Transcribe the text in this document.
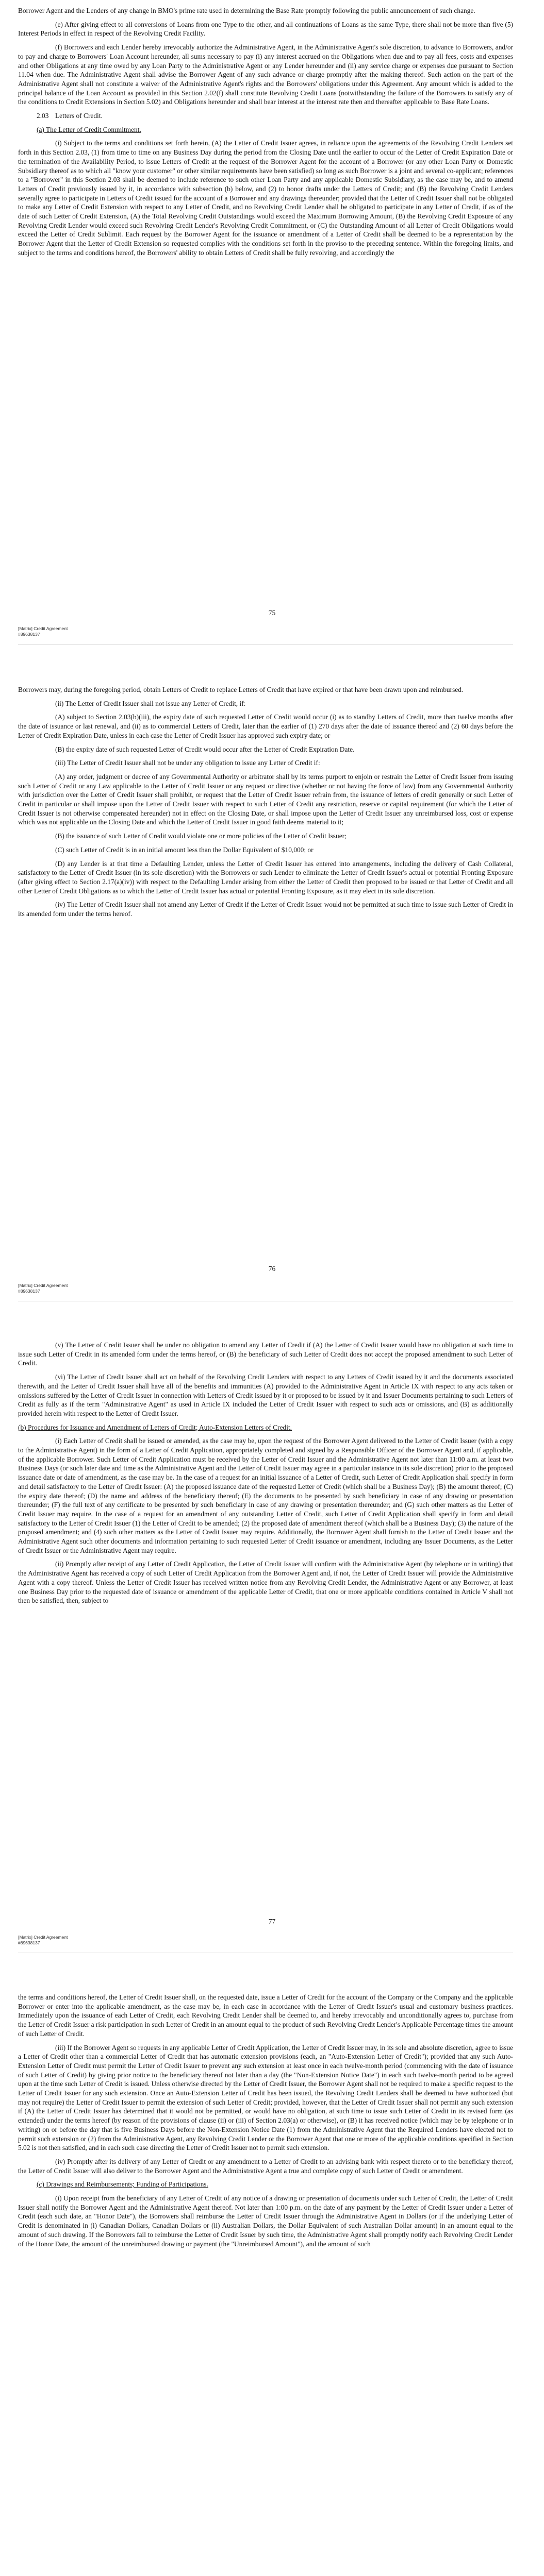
Borrower Agent and the Lenders of any change in BMO's prime rate used in determining the Base Rate promptly following the public announcement of such change.

(e) After giving effect to all conversions of Loans from one Type to the other, and all continuations of Loans as the same Type, there shall not be more than five (5) Interest Periods in effect in respect of the Revolving Credit Facility.

(f) Borrowers and each Lender hereby irrevocably authorize the Administrative Agent, in the Administrative Agent's sole discretion, to advance to Borrowers, and/or to pay and charge to Borrowers' Loan Account hereunder, all sums necessary to pay (i) any interest accrued on the Obligations when due and to pay all fees, costs and expenses and other Obligations at any time owed by any Loan Party to the Administrative Agent or any Lender hereunder and (ii) any service charge or expenses due pursuant to Section 11.04 when due. The Administrative Agent shall advise the Borrower Agent of any such advance or charge promptly after the making thereof. Such action on the part of the Administrative Agent shall not constitute a waiver of the Administrative Agent's rights and the Borrowers' obligations under this Agreement. Any amount which is added to the principal balance of the Loan Account as provided in this Section 2.02(f) shall constitute Revolving Credit Loans (notwithstanding the failure of the Borrowers to satisfy any of the conditions to Credit Extensions in Section 5.02) and Obligations hereunder and shall bear interest at the interest rate then and thereafter applicable to Base Rate Loans.

2.03 Letters of Credit.

(a) The Letter of Credit Commitment.

(i) Subject to the terms and conditions set forth herein, (A) the Letter of Credit Issuer agrees, in reliance upon the agreements of the Revolving Credit Lenders set forth in this Section 2.03, (1) from time to time on any Business Day during the period from the Closing Date until the earlier to occur of the Letter of Credit Expiration Date or the termination of the Availability Period, to issue Letters of Credit at the request of the Borrower Agent for the account of a Borrower (or any other Loan Party or Domestic Subsidiary thereof as to which all "know your customer" or other similar requirements have been satisfied) so long as such Borrower is a joint and several co-applicant; references to a "Borrower" in this Section 2.03 shall be deemed to include reference to such other Loan Party and any applicable Domestic Subsidiary, as the case may be, and to amend Letters of Credit previously issued by it, in accordance with subsection (b) below, and (2) to honor drafts under the Letters of Credit; and (B) the Revolving Credit Lenders severally agree to participate in Letters of Credit issued for the account of a Borrower and any drawings thereunder; provided that the Letter of Credit Issuer shall not be obligated to make any Letter of Credit Extension with respect to any Letter of Credit, and no Revolving Credit Lender shall be obligated to participate in any Letter of Credit, if as of the date of such Letter of Credit Extension, (A) the Total Revolving Credit Outstandings would exceed the Maximum Borrowing Amount, (B) the Revolving Credit Exposure of any Revolving Credit Lender would exceed such Revolving Credit Lender's Revolving Credit Commitment, or (C) the Outstanding Amount of all Letter of Credit Obligations would exceed the Letter of Credit Sublimit. Each request by the Borrower Agent for the issuance or amendment of a Letter of Credit shall be deemed to be a representation by the Borrower Agent that the Letter of Credit Extension so requested complies with the conditions set forth in the proviso to the preceding sentence. Within the foregoing limits, and subject to the terms and conditions hereof, the Borrowers' ability to obtain Letters of Credit shall be fully revolving, and accordingly the

75
[Matrix] Credit Agreement
#89638137

Borrowers may, during the foregoing period, obtain Letters of Credit to replace Letters of Credit that have expired or that have been drawn upon and reimbursed.

(ii) The Letter of Credit Issuer shall not issue any Letter of Credit, if:

(A) subject to Section 2.03(b)(iii), the expiry date of such requested Letter of Credit would occur (i) as to standby Letters of Credit, more than twelve months after the date of issuance or last renewal, and (ii) as to commercial Letters of Credit, later than the earlier of (1) 270 days after the date of issuance thereof and (2) 60 days before the Letter of Credit Expiration Date, unless in each case the Letter of Credit Issuer has approved such expiry date; or

(B) the expiry date of such requested Letter of Credit would occur after the Letter of Credit Expiration Date.

(iii) The Letter of Credit Issuer shall not be under any obligation to issue any Letter of Credit if:

(A) any order, judgment or decree of any Governmental Authority or arbitrator shall by its terms purport to enjoin or restrain the Letter of Credit Issuer from issuing such Letter of Credit or any Law applicable to the Letter of Credit Issuer or any request or directive (whether or not having the force of law) from any Governmental Authority with jurisdiction over the Letter of Credit Issuer shall prohibit, or request that the Letter of Credit Issuer refrain from, the issuance of letters of credit generally or such Letter of Credit in particular or shall impose upon the Letter of Credit Issuer with respect to such Letter of Credit any restriction, reserve or capital requirement (for which the Letter of Credit Issuer is not otherwise compensated hereunder) not in effect on the Closing Date, or shall impose upon the Letter of Credit Issuer any unreimbursed loss, cost or expense which was not applicable on the Closing Date and which the Letter of Credit Issuer in good faith deems material to it;

(B) the issuance of such Letter of Credit would violate one or more policies of the Letter of Credit Issuer;

(C) such Letter of Credit is in an initial amount less than the Dollar Equivalent of $10,000; or

(D) any Lender is at that time a Defaulting Lender, unless the Letter of Credit Issuer has entered into arrangements, including the delivery of Cash Collateral, satisfactory to the Letter of Credit Issuer (in its sole discretion) with the Borrowers or such Lender to eliminate the Letter of Credit Issuer's actual or potential Fronting Exposure (after giving effect to Section 2.17(a)(iv)) with respect to the Defaulting Lender arising from either the Letter of Credit then proposed to be issued or that Letter of Credit and all other Letter of Credit Obligations as to which the Letter of Credit Issuer has actual or potential Fronting Exposure, as it may elect in its sole discretion.

(iv) The Letter of Credit Issuer shall not amend any Letter of Credit if the Letter of Credit Issuer would not be permitted at such time to issue such Letter of Credit in its amended form under the terms hereof.

76
[Matrix] Credit Agreement
#89638137

(v) The Letter of Credit Issuer shall be under no obligation to amend any Letter of Credit if (A) the Letter of Credit Issuer would have no obligation at such time to issue such Letter of Credit in its amended form under the terms hereof, or (B) the beneficiary of such Letter of Credit does not accept the proposed amendment to such Letter of Credit.

(vi) The Letter of Credit Issuer shall act on behalf of the Revolving Credit Lenders with respect to any Letters of Credit issued by it and the documents associated therewith, and the Letter of Credit Issuer shall have all of the benefits and immunities (A) provided to the Administrative Agent in Article IX with respect to any acts taken or omissions suffered by the Letter of Credit Issuer in connection with Letters of Credit issued by it or proposed to be issued by it and Issuer Documents pertaining to such Letters of Credit as fully as if the term "Administrative Agent" as used in Article IX included the Letter of Credit Issuer with respect to such acts or omissions, and (B) as additionally provided herein with respect to the Letter of Credit Issuer.

(b) Procedures for Issuance and Amendment of Letters of Credit; Auto-Extension Letters of Credit.

(i) Each Letter of Credit shall be issued or amended, as the case may be, upon the request of the Borrower Agent delivered to the Letter of Credit Issuer (with a copy to the Administrative Agent) in the form of a Letter of Credit Application, appropriately completed and signed by a Responsible Officer of the Borrower Agent and, if applicable, of the applicable Borrower. Such Letter of Credit Application must be received by the Letter of Credit Issuer and the Administrative Agent not later than 11:00 a.m. at least two Business Days (or such later date and time as the Administrative Agent and the Letter of Credit Issuer may agree in a particular instance in its sole discretion) prior to the proposed issuance date or date of amendment, as the case may be. In the case of a request for an initial issuance of a Letter of Credit, such Letter of Credit Application shall specify in form and detail satisfactory to the Letter of Credit Issuer: (A) the proposed issuance date of the requested Letter of Credit (which shall be a Business Day); (B) the amount thereof; (C) the expiry date thereof; (D) the name and address of the beneficiary thereof; (E) the documents to be presented by such beneficiary in case of any drawing or presentation thereunder; (F) the full text of any certificate to be presented by such beneficiary in case of any drawing or presentation thereunder; and (G) such other matters as the Letter of Credit Issuer may require. In the case of a request for an amendment of any outstanding Letter of Credit, such Letter of Credit Application shall specify in form and detail satisfactory to the Letter of Credit Issuer (1) the Letter of Credit to be amended; (2) the proposed date of amendment thereof (which shall be a Business Day); (3) the nature of the proposed amendment; and (4) such other matters as the Letter of Credit Issuer may require. Additionally, the Borrower Agent shall furnish to the Letter of Credit Issuer and the Administrative Agent such other documents and information pertaining to such requested Letter of Credit issuance or amendment, including any Issuer Documents, as the Letter of Credit Issuer or the Administrative Agent may require.

(ii) Promptly after receipt of any Letter of Credit Application, the Letter of Credit Issuer will confirm with the Administrative Agent (by telephone or in writing) that the Administrative Agent has received a copy of such Letter of Credit Application from the Borrower Agent and, if not, the Letter of Credit Issuer will provide the Administrative Agent with a copy thereof. Unless the Letter of Credit Issuer has received written notice from any Revolving Credit Lender, the Administrative Agent or any Borrower, at least one Business Day prior to the requested date of issuance or amendment of the applicable Letter of Credit, that one or more applicable conditions contained in Article V shall not then be satisfied, then, subject to

77
[Matrix] Credit Agreement
#89638137

the terms and conditions hereof, the Letter of Credit Issuer shall, on the requested date, issue a Letter of Credit for the account of the Company or the Company and the applicable Borrower or enter into the applicable amendment, as the case may be, in each case in accordance with the Letter of Credit Issuer's usual and customary business practices. Immediately upon the issuance of each Letter of Credit, each Revolving Credit Lender shall be deemed to, and hereby irrevocably and unconditionally agrees to, purchase from the Letter of Credit Issuer a risk participation in such Letter of Credit in an amount equal to the product of such Revolving Credit Lender's Applicable Percentage times the amount of such Letter of Credit.

(iii) If the Borrower Agent so requests in any applicable Letter of Credit Application, the Letter of Credit Issuer may, in its sole and absolute discretion, agree to issue a Letter of Credit other than a commercial Letter of Credit that has automatic extension provisions (each, an "Auto-Extension Letter of Credit"); provided that any such Auto-Extension Letter of Credit must permit the Letter of Credit Issuer to prevent any such extension at least once in each twelve-month period (commencing with the date of issuance of such Letter of Credit) by giving prior notice to the beneficiary thereof not later than a day (the "Non-Extension Notice Date") in each such twelve-month period to be agreed upon at the time such Letter of Credit is issued. Unless otherwise directed by the Letter of Credit Issuer, the Borrower Agent shall not be required to make a specific request to the Letter of Credit Issuer for any such extension. Once an Auto-Extension Letter of Credit has been issued, the Revolving Credit Lenders shall be deemed to have authorized (but may not require) the Letter of Credit Issuer to permit the extension of such Letter of Credit; provided, however, that the Letter of Credit Issuer shall not permit any such extension if (A) the Letter of Credit Issuer has determined that it would not be permitted, or would have no obligation, at such time to issue such Letter of Credit in its revised form (as extended) under the terms hereof (by reason of the provisions of clause (ii) or (iii) of Section 2.03(a) or otherwise), or (B) it has received notice (which may be by telephone or in writing) on or before the day that is five Business Days before the Non-Extension Notice Date (1) from the Administrative Agent that the Required Lenders have elected not to permit such extension or (2) from the Administrative Agent, any Revolving Credit Lender or the Borrower Agent that one or more of the applicable conditions specified in Section 5.02 is not then satisfied, and in each such case directing the Letter of Credit Issuer not to permit such extension.

(iv) Promptly after its delivery of any Letter of Credit or any amendment to a Letter of Credit to an advising bank with respect thereto or to the beneficiary thereof, the Letter of Credit Issuer will also deliver to the Borrower Agent and the Administrative Agent a true and complete copy of such Letter of Credit or amendment.

(c) Drawings and Reimbursements; Funding of Participations.

(i) Upon receipt from the beneficiary of any Letter of Credit of any notice of a drawing or presentation of documents under such Letter of Credit, the Letter of Credit Issuer shall notify the Borrower Agent and the Administrative Agent thereof. Not later than 1:00 p.m. on the date of any payment by the Letter of Credit Issuer under a Letter of Credit (each such date, an "Honor Date"), the Borrowers shall reimburse the Letter of Credit Issuer through the Administrative Agent in Dollars (or if the underlying Letter of Credit is denominated in (i) Canadian Dollars, Canadian Dollars or (ii) Australian Dollars, the Dollar Equivalent of such Australian Dollar amount) in an amount equal to the amount of such drawing. If the Borrowers fail to reimburse the Letter of Credit Issuer by such time, the Administrative Agent shall promptly notify each Revolving Credit Lender of the Honor Date, the amount of the unreimbursed drawing or payment (the "Unreimbursed Amount"), and the amount of such
